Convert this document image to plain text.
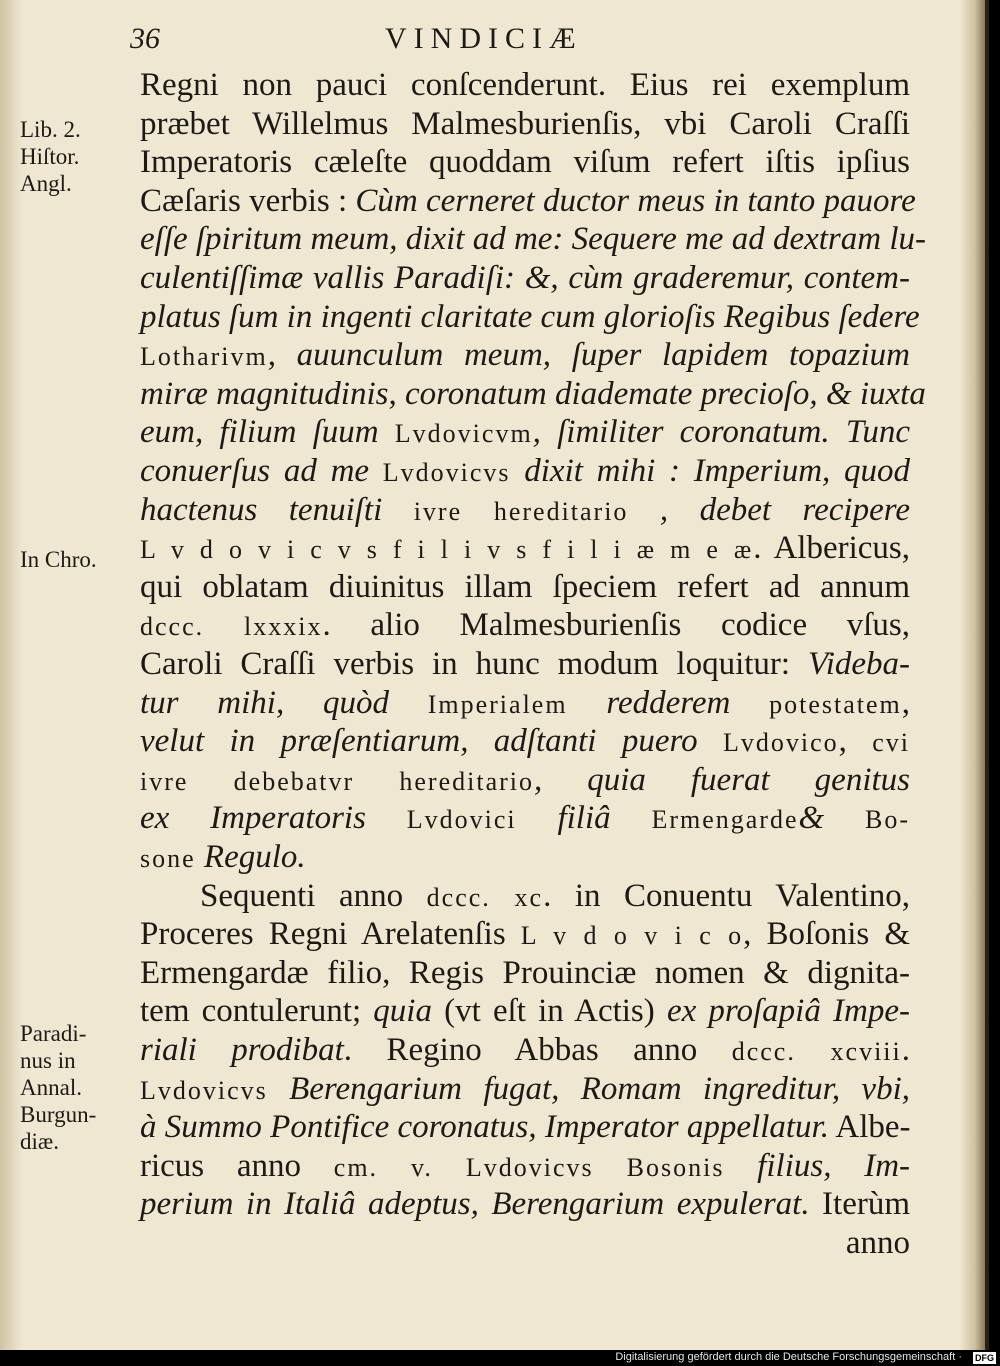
36	VINDICIÆ
Lib. 2.
Hiſtor.
Angl.
In Chro.
Paradi-
nus in
Annal.
Burgun-
diæ.
Regni non pauci conſcenderunt. Eius rei exemplum
præbet Willelmus Malmesburienſis, vbi Caroli Craſſi
Imperatoris cæleſte quoddam viſum refert iſtis ipſius
Cæſaris verbis : Cùm cerneret ductor meus in tanto pauore
eſſe ſpiritum meum, dixit ad me: Sequere me ad dextram lu-
culentiſſimæ vallis Paradiſi: &, cùm graderemur, contem-
platus ſum in ingenti claritate cum glorioſis Regibus ſedere
Lotharivm, auunculum meum, ſuper lapidem topazium
miræ magnitudinis, coronatum diademate precioſo, & iuxta
eum, filium ſuum Lvdovicvm, ſimiliter coronatum. Tunc
conuerſus ad me Lvdovicvs dixit mihi : Imperium, quod
hactenus tenuiſti ivre hereditario , debet recipere
L v d o v i c v s f i l i v s f i l i æ m e æ. Albericus,
qui oblatam diuinitus illam ſpeciem refert ad annum
dccc. lxxxix. alio Malmesburienſis codice vſus,
Caroli Craſſi verbis in hunc modum loquitur: Videba-
tur mihi, quòd Imperialem redderem potestatem,
velut in præſentiarum, adſtanti puero Lvdovico, cvi
ivre debebatvr hereditario, quia fuerat genitus
ex Imperatoris Lvdovici filiâ Ermengarde& Bo-
sone Regulo.
Sequenti anno dccc. xc. in Conuentu Valentino,
Proceres Regni Arelatenſis L v d o v i c o, Boſonis &
Ermengardæ filio, Regis Prouinciæ nomen & dignita-
tem contulerunt; quia (vt eſt in Actis) ex proſapiâ Impe-
riali prodibat. Regino Abbas anno dccc. xcviii.
Lvdovicvs Berengarium fugat, Romam ingreditur, vbi,
à Summo Pontifice coronatus, Imperator appellatur. Albe-
ricus anno cm. v. Lvdovicvs Bosonis filius, Im-
perium in Italiâ adeptus, Berengarium expulerat. Iterùm
anno
Digitalisierung gefördert durch die Deutsche Forschungsgemeinschaft · DFG
